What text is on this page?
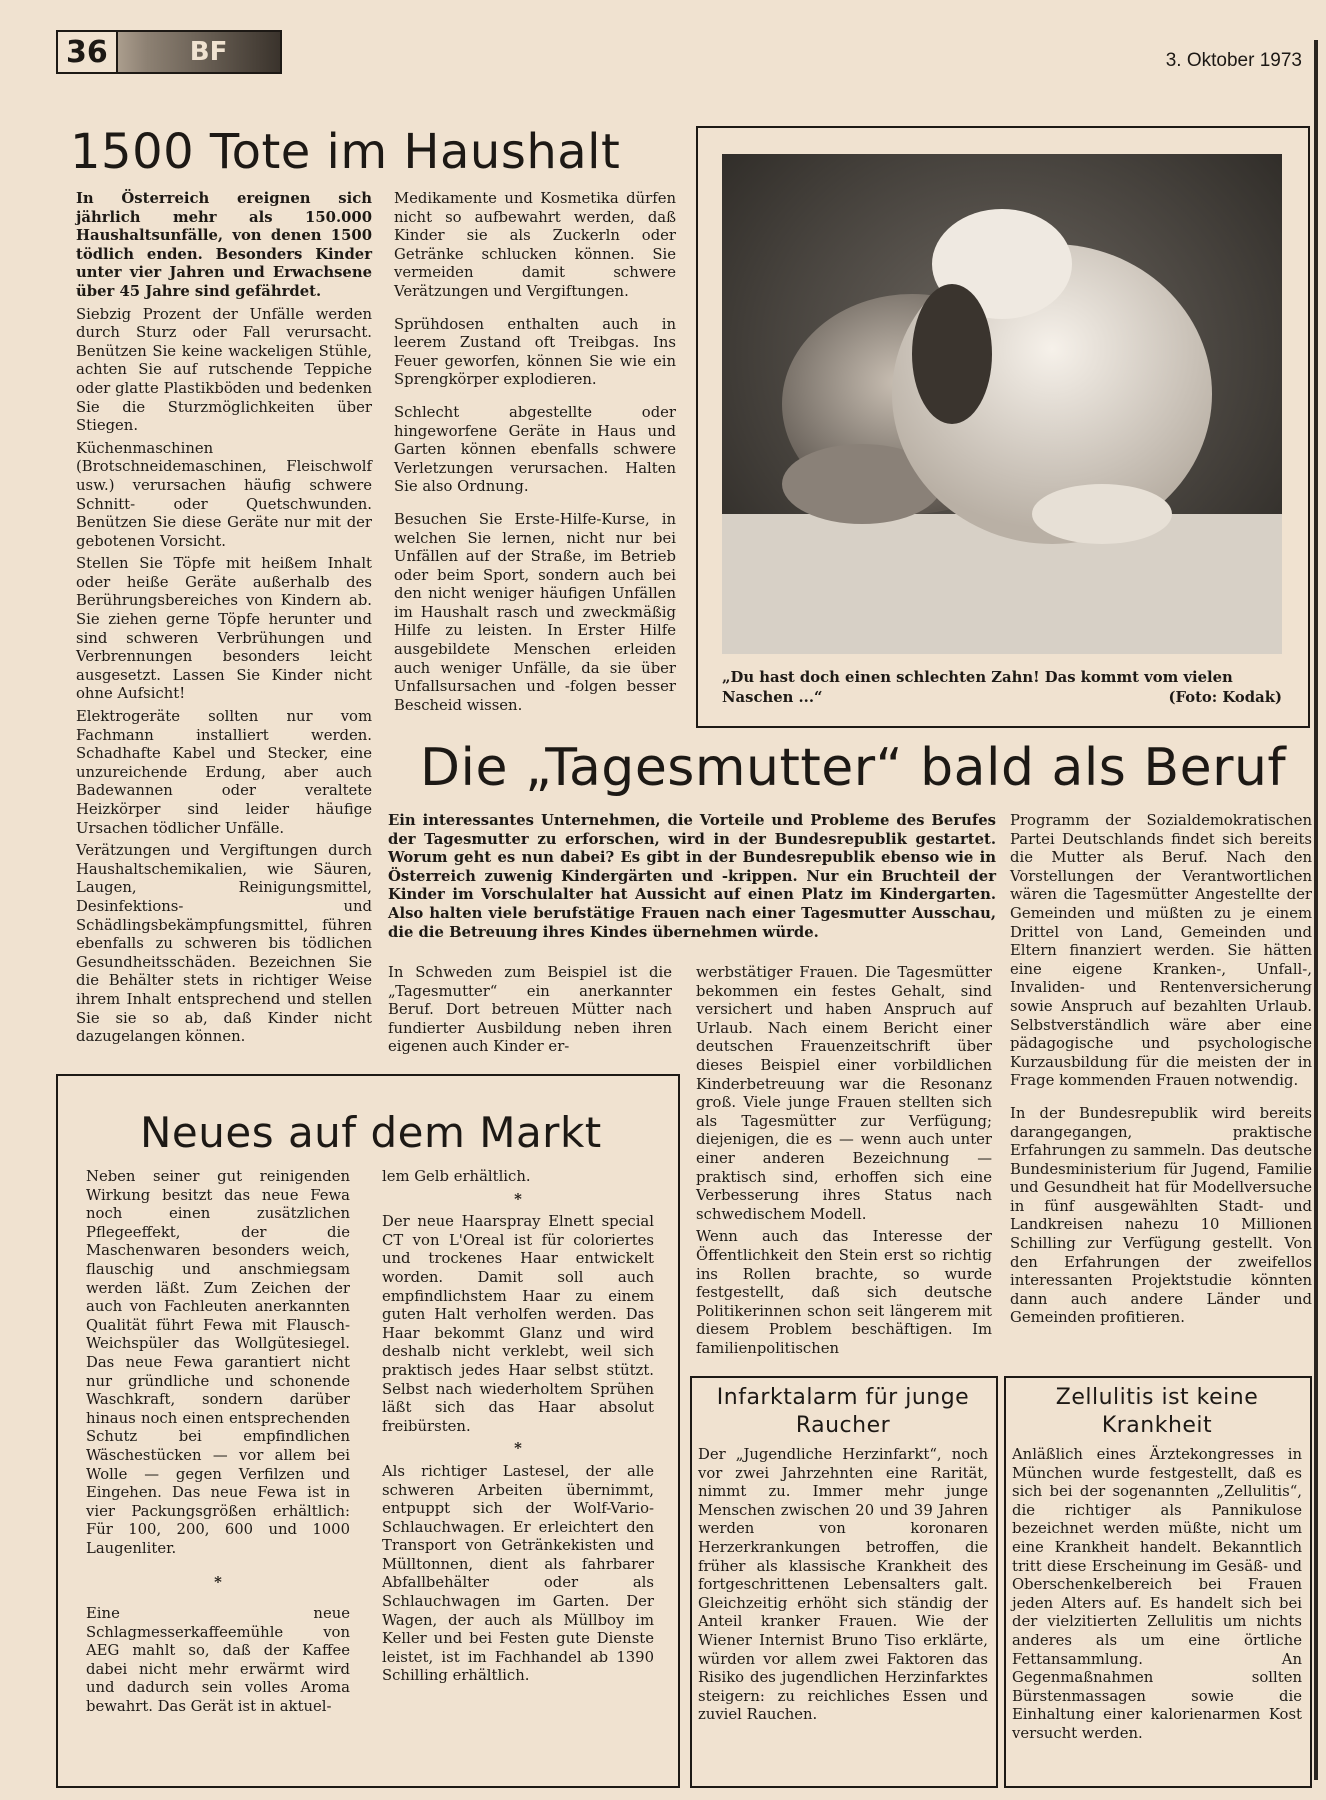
36	BF	3. Oktober 1973
1500 Tote im Haushalt

In Österreich ereignen sich jährlich mehr als 150.000 Haushaltsunfälle, von denen 1500 tödlich enden. Besonders Kinder unter vier Jahren und Erwachsene über 45 Jahre sind gefährdet.

Siebzig Prozent der Unfälle werden durch Sturz oder Fall verursacht. Benützen Sie keine wackeligen Stühle, achten Sie auf rutschende Teppiche oder glatte Plastikböden und bedenken Sie die Sturzmöglichkeiten über Stiegen.

Küchenmaschinen (Brotschneidemaschinen, Fleischwolf usw.) verursachen häufig schwere Schnitt- oder Quetschwunden. Benützen Sie diese Geräte nur mit der gebotenen Vorsicht.

Stellen Sie Töpfe mit heißem Inhalt oder heiße Geräte außerhalb des Berührungsbereiches von Kindern ab. Sie ziehen gerne Töpfe herunter und sind schweren Verbrühungen und Verbrennungen besonders leicht ausgesetzt. Lassen Sie Kinder nicht ohne Aufsicht!

Elektrogeräte sollten nur vom Fachmann installiert werden. Schadhafte Kabel und Stecker, eine unzureichende Erdung, aber auch Badewannen oder veraltete Heizkörper sind leider häufige Ursachen tödlicher Unfälle.

Verätzungen und Vergiftungen durch Haushaltschemikalien, wie Säuren, Laugen, Reinigungsmittel, Desinfektions- und Schädlingsbekämpfungsmittel, führen ebenfalls zu schweren bis tödlichen Gesundheitsschäden. Bezeichnen Sie die Behälter stets in richtiger Weise ihrem Inhalt entsprechend und stellen Sie sie so ab, daß Kinder nicht dazugelangen können.

Medikamente und Kosmetika dürfen nicht so aufbewahrt werden, daß Kinder sie als Zuckerln oder Getränke schlucken können. Sie vermeiden damit schwere Verätzungen und Vergiftungen.

Sprühdosen enthalten auch in leerem Zustand oft Treibgas. Ins Feuer geworfen, können Sie wie ein Sprengkörper explodieren.

Schlecht abgestellte oder hingeworfene Geräte in Haus und Garten können ebenfalls schwere Verletzungen verursachen. Halten Sie also Ordnung.

Besuchen Sie Erste-Hilfe-Kurse, in welchen Sie lernen, nicht nur bei Unfällen auf der Straße, im Betrieb oder beim Sport, sondern auch bei den nicht weniger häufigen Unfällen im Haushalt rasch und zweckmäßig Hilfe zu leisten. In Erster Hilfe ausgebildete Menschen erleiden auch weniger Unfälle, da sie über Unfallsursachen und -folgen besser Bescheid wissen.

„Du hast doch einen schlechten Zahn! Das kommt vom vielen
Naschen ...“	(Foto: Kodak)
Die „Tagesmutter“ bald als Beruf
Ein interessantes Unternehmen, die Vorteile und Probleme des Berufes der Tagesmutter zu erforschen, wird in der Bundesrepublik gestartet. Worum geht es nun dabei? Es gibt in der Bundesrepublik ebenso wie in Österreich zuwenig Kindergärten und -krippen. Nur ein Bruchteil der Kinder im Vorschulalter hat Aussicht auf einen Platz im Kindergarten. Also halten viele berufstätige Frauen nach einer Tagesmutter Ausschau, die die Betreuung ihres Kindes übernehmen würde.

In Schweden zum Beispiel ist die „Tagesmutter“ ein anerkannter Beruf. Dort betreuen Mütter nach fundierter Ausbildung neben ihren eigenen auch Kinder er-

werbstätiger Frauen. Die Tagesmütter bekommen ein festes Gehalt, sind versichert und haben Anspruch auf Urlaub. Nach einem Bericht einer deutschen Frauenzeitschrift über dieses Beispiel einer vorbildlichen Kinderbetreuung war die Resonanz groß. Viele junge Frauen stellten sich als Tagesmütter zur Verfügung; diejenigen, die es — wenn auch unter einer anderen Bezeichnung — praktisch sind, erhoffen sich eine Verbesserung ihres Status nach schwedischem Modell.

Wenn auch das Interesse der Öffentlichkeit den Stein erst so richtig ins Rollen brachte, so wurde festgestellt, daß sich deutsche Politikerinnen schon seit längerem mit diesem Problem beschäftigen. Im familienpolitischen

Programm der Sozialdemokratischen Partei Deutschlands findet sich bereits die Mutter als Beruf. Nach den Vorstellungen der Verantwortlichen wären die Tagesmütter Angestellte der Gemeinden und müßten zu je einem Drittel von Land, Gemeinden und Eltern finanziert werden. Sie hätten eine eigene Kranken-, Unfall-, Invaliden- und Rentenversicherung sowie Anspruch auf bezahlten Urlaub. Selbstverständlich wäre aber eine pädagogische und psychologische Kurzausbildung für die meisten der in Frage kommenden Frauen notwendig.

In der Bundesrepublik wird bereits darangegangen, praktische Erfahrungen zu sammeln. Das deutsche Bundesministerium für Jugend, Familie und Gesundheit hat für Modellversuche in fünf ausgewählten Stadt- und Landkreisen nahezu 10 Millionen Schilling zur Verfügung gestellt. Von den Erfahrungen der zweifellos interessanten Projektstudie könnten dann auch andere Länder und Gemeinden profitieren.

Neues auf dem Markt

Neben seiner gut reinigenden Wirkung besitzt das neue Fewa noch einen zusätzlichen Pflegeeffekt, der die Maschenwaren besonders weich, flauschig und anschmiegsam werden läßt. Zum Zeichen der auch von Fachleuten anerkannten Qualität führt Fewa mit Flausch-Weichspüler das Wollgütesiegel. Das neue Fewa garantiert nicht nur gründliche und schonende Waschkraft, sondern darüber hinaus noch einen entsprechenden Schutz bei empfindlichen Wäschestücken — vor allem bei Wolle — gegen Verfilzen und Eingehen. Das neue Fewa ist in vier Packungsgrößen erhältlich: Für 100, 200, 600 und 1000 Laugenliter.

*

Eine neue Schlagmesserkaffeemühle von AEG mahlt so, daß der Kaffee dabei nicht mehr erwärmt wird und dadurch sein volles Aroma bewahrt. Das Gerät ist in aktuel-

lem Gelb erhältlich.

*

Der neue Haarspray Elnett special CT von L'Oreal ist für coloriertes und trockenes Haar entwickelt worden. Damit soll auch empfindlichstem Haar zu einem guten Halt verholfen werden. Das Haar bekommt Glanz und wird deshalb nicht verklebt, weil sich praktisch jedes Haar selbst stützt. Selbst nach wiederholtem Sprühen läßt sich das Haar absolut freibürsten.

*

Als richtiger Lastesel, der alle schweren Arbeiten übernimmt, entpuppt sich der Wolf-Vario-Schlauchwagen. Er erleichtert den Transport von Getränkekisten und Mülltonnen, dient als fahrbarer Abfallbehälter oder als Schlauchwagen im Garten. Der Wagen, der auch als Müllboy im Keller und bei Festen gute Dienste leistet, ist im Fachhandel ab 1390 Schilling erhältlich.

Infarktalarm für junge
Raucher

Der „Jugendliche Herzinfarkt“, noch vor zwei Jahrzehnten eine Rarität, nimmt zu. Immer mehr junge Menschen zwischen 20 und 39 Jahren werden von koronaren Herzerkrankungen betroffen, die früher als klassische Krankheit des fortgeschrittenen Lebensalters galt. Gleichzeitig erhöht sich ständig der Anteil kranker Frauen. Wie der Wiener Internist Bruno Tiso erklärte, würden vor allem zwei Faktoren das Risiko des jugendlichen Herzinfarktes steigern: zu reichliches Essen und zuviel Rauchen.

Zellulitis ist keine
Krankheit

Anläßlich eines Ärztekongresses in München wurde festgestellt, daß es sich bei der sogenannten „Zellulitis“, die richtiger als Pannikulose bezeichnet werden müßte, nicht um eine Krankheit handelt. Bekanntlich tritt diese Erscheinung im Gesäß- und Oberschenkelbereich bei Frauen jeden Alters auf. Es handelt sich bei der vielzitierten Zellulitis um nichts anderes als um eine örtliche Fettansammlung. An Gegenmaßnahmen sollten Bürstenmassagen sowie die Einhaltung einer kalorienarmen Kost versucht werden.
